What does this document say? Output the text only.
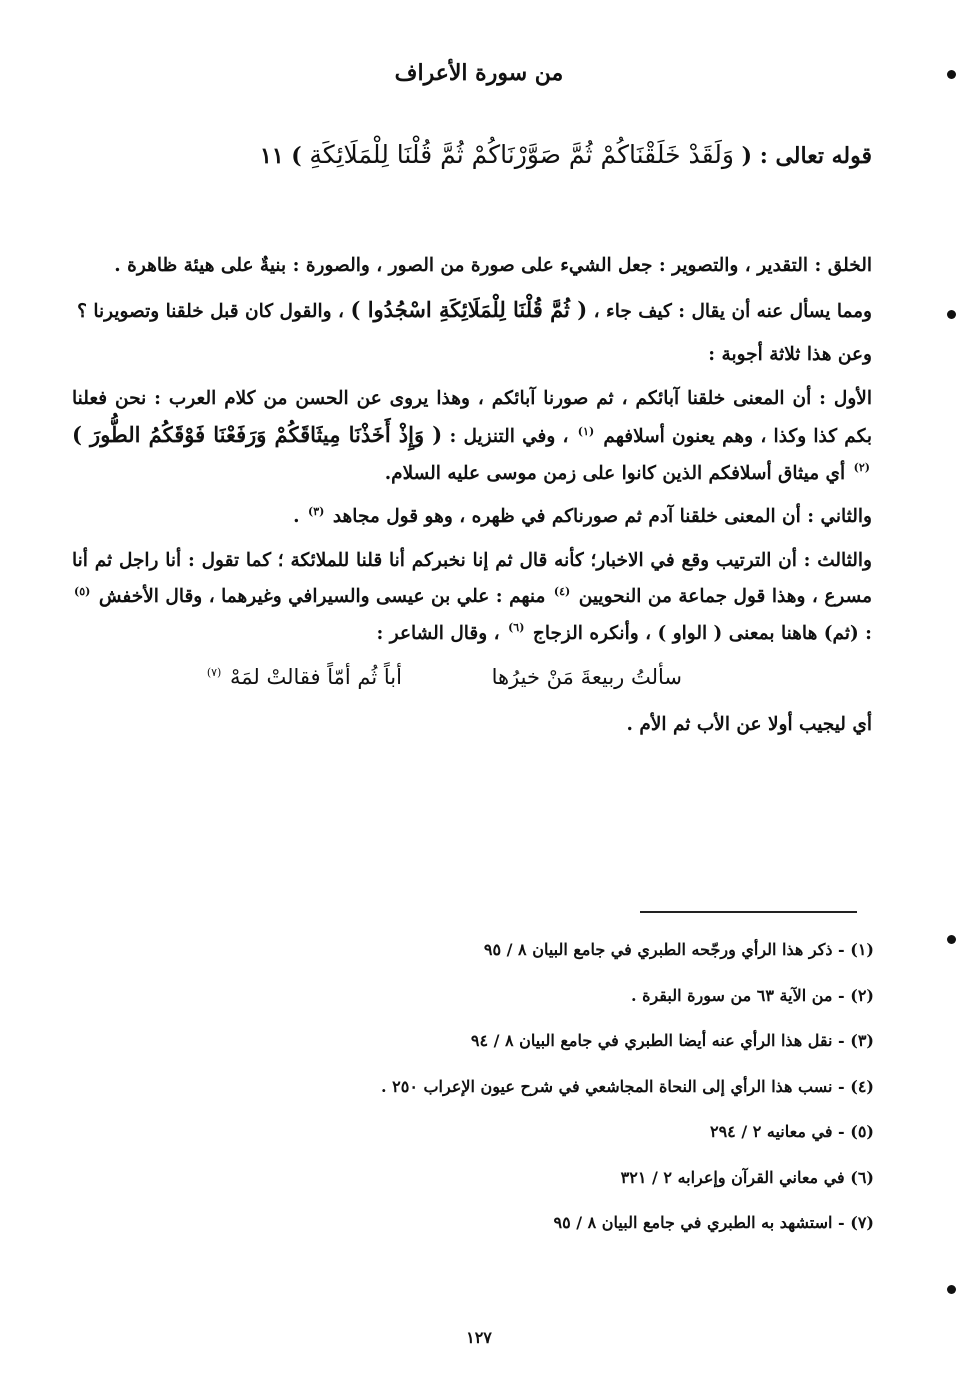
من سورة الأعراف
قوله تعالى : ( وَلَقَدْ خَلَقْنَاكُمْ ثُمَّ صَوَّرْنَاكُمْ ثُمَّ قُلْنَا لِلْمَلَائِكَةِ ) ١١

الخلق : التقدير ، والتصوير : جعل الشيء على صورة من الصور ، والصورة : بنيةٌ على هيئة ظاهرة .

ومما يسأل عنه أن يقال : كيف جاء ، ( ثُمَّ قُلْنَا لِلْمَلَائِكَةِ اسْجُدُوا ) ، والقول كان قبل خلقنا وتصويرنا ؟

وعن هذا ثلاثة أجوبة :

الأول : أن المعنى خلقنا آبائكم ، ثم صورنا آبائكم ، وهذا يروى عن الحسن من كلام العرب : نحن فعلنا بكم كذا وكذا ، وهم يعنون أسلافهم $^{(١)}$ ، وفي التنزيل : ( وَإِذْ أَخَذْنَا مِيثَاقَكُمْ وَرَفَعْنَا فَوْقَكُمُ الطُّورَ ) $^{(٢)}$ أي ميثاق أسلافكم الذين كانوا على زمن موسى عليه السلام.

والثاني : أن المعنى خلقنا آدم ثم صورناكم في ظهره ، وهو قول مجاهد $^{(٣)}$ .

والثالث : أن الترتيب وقع في الاخبار؛ كأنه قال ثم إنا نخبركم أنا قلنا للملائكة ؛ كما تقول : أنا راجل ثم أنا مسرع ، وهذا قول جماعة من النحويين $^{(٤)}$ منهم : علي بن عيسى والسيرافي وغيرهما ، وقال الأخفش $^{(٥)}$ : (ثم) هاهنا بمعنى ( الواو ) ، وأنكره الزجاج $^{(٦)}$ ، وقال الشاعر :

سألتُ ربيعةَ مَنْ خيرُها
أباً ثُم أمّاً فقالتْ لمَهْ $^{(٧)}$

أي ليجيب أولا عن الأب ثم الأم .

(١) - ذكر هذا الرأي ورجّحه الطبري في جامع البيان ٨ / ٩٥
(٢) - من الآية ٦٣ من سورة البقرة .
(٣) - نقل هذا الرأي عنه أيضا الطبري في جامع البيان ٨ / ٩٤
(٤) - نسب هذا الرأي إلى النحاة المجاشعي في شرح عيون الإعراب ٢٥٠ .
(٥) - في معانيه ٢ / ٢٩٤
(٦) في معاني القرآن وإعرابه ٢ / ٣٢١
(٧) - استشهد به الطبري في جامع البيان ٨ / ٩٥
١٢٧
